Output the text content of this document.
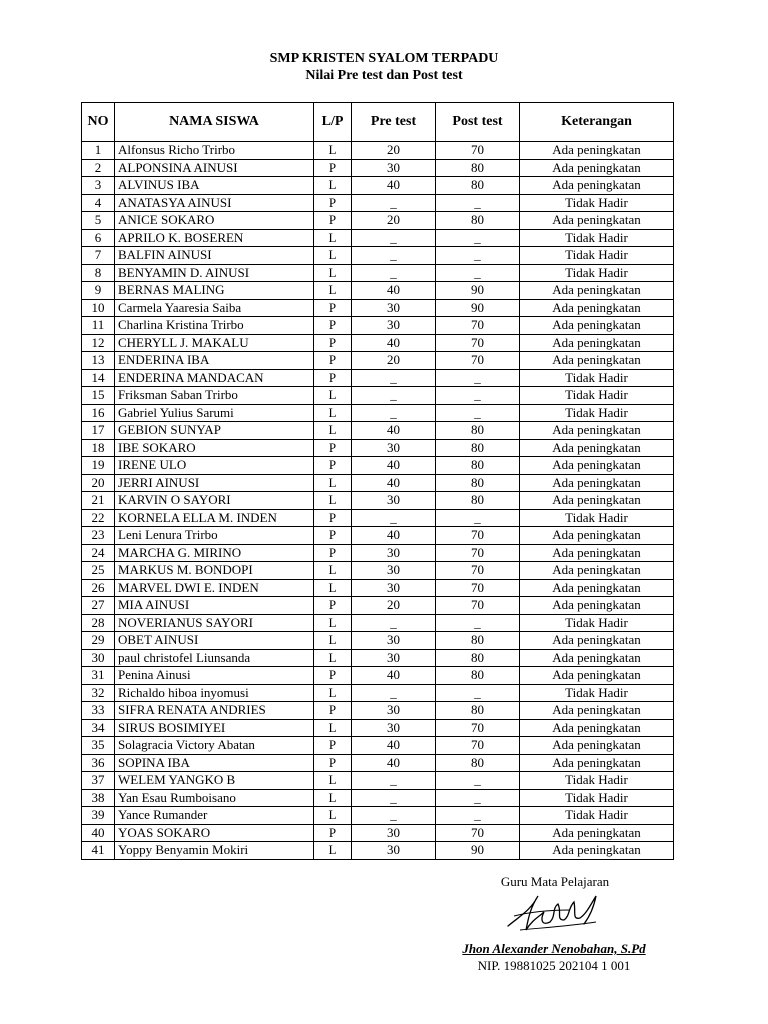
SMP KRISTEN SYALOM TERPADU
Nilai Pre test dan Post test
NO	NAMA SISWA	L/P	Pre test	Post test	Keterangan
1	Alfonsus Richo Trirbo	L	20	70	Ada peningkatan
2	ALPONSINA AINUSI	P	30	80	Ada peningkatan
3	ALVINUS IBA	L	40	80	Ada peningkatan
4	ANATASYA AINUSI	P	_	_	Tidak Hadir
5	ANICE SOKARO	P	20	80	Ada peningkatan
6	APRILO K. BOSEREN	L	_	_	Tidak Hadir
7	BALFIN AINUSI	L	_	_	Tidak Hadir
8	BENYAMIN D. AINUSI	L	_	_	Tidak Hadir
9	BERNAS MALING	L	40	90	Ada peningkatan
10	Carmela Yaaresia Saiba	P	30	90	Ada peningkatan
11	Charlina Kristina Trirbo	P	30	70	Ada peningkatan
12	CHERYLL J. MAKALU	P	40	70	Ada peningkatan
13	ENDERINA IBA	P	20	70	Ada peningkatan
14	ENDERINA MANDACAN	P	_	_	Tidak Hadir
15	Friksman Saban Trirbo	L	_	_	Tidak Hadir
16	Gabriel Yulius Sarumi	L	_	_	Tidak Hadir
17	GEBION SUNYAP	L	40	80	Ada peningkatan
18	IBE SOKARO	P	30	80	Ada peningkatan
19	IRENE ULO	P	40	80	Ada peningkatan
20	JERRI AINUSI	L	40	80	Ada peningkatan
21	KARVIN O SAYORI	L	30	80	Ada peningkatan
22	KORNELA ELLA M. INDEN	P	_	_	Tidak Hadir
23	Leni Lenura Trirbo	P	40	70	Ada peningkatan
24	MARCHA G. MIRINO	P	30	70	Ada peningkatan
25	MARKUS M. BONDOPI	L	30	70	Ada peningkatan
26	MARVEL DWI E. INDEN	L	30	70	Ada peningkatan
27	MIA AINUSI	P	20	70	Ada peningkatan
28	NOVERIANUS SAYORI	L	_	_	Tidak Hadir
29	OBET AINUSI	L	30	80	Ada peningkatan
30	paul christofel Liunsanda	L	30	80	Ada peningkatan
31	Penina Ainusi	P	40	80	Ada peningkatan
32	Richaldo hiboa inyomusi	L	_	_	Tidak Hadir
33	SIFRA RENATA ANDRIES	P	30	80	Ada peningkatan
34	SIRUS BOSIMIYEI	L	30	70	Ada peningkatan
35	Solagracia Victory Abatan	P	40	70	Ada peningkatan
36	SOPINA IBA	P	40	80	Ada peningkatan
37	WELEM YANGKO B	L	_	_	Tidak Hadir
38	Yan Esau Rumboisano	L	_	_	Tidak Hadir
39	Yance Rumander	L	_	_	Tidak Hadir
40	YOAS SOKARO	P	30	70	Ada peningkatan
41	Yoppy Benyamin Mokiri	L	30	90	Ada peningkatan
Guru Mata Pelajaran
Jhon Alexander Nenobahan, S.Pd
NIP. 19881025 202104 1 001
